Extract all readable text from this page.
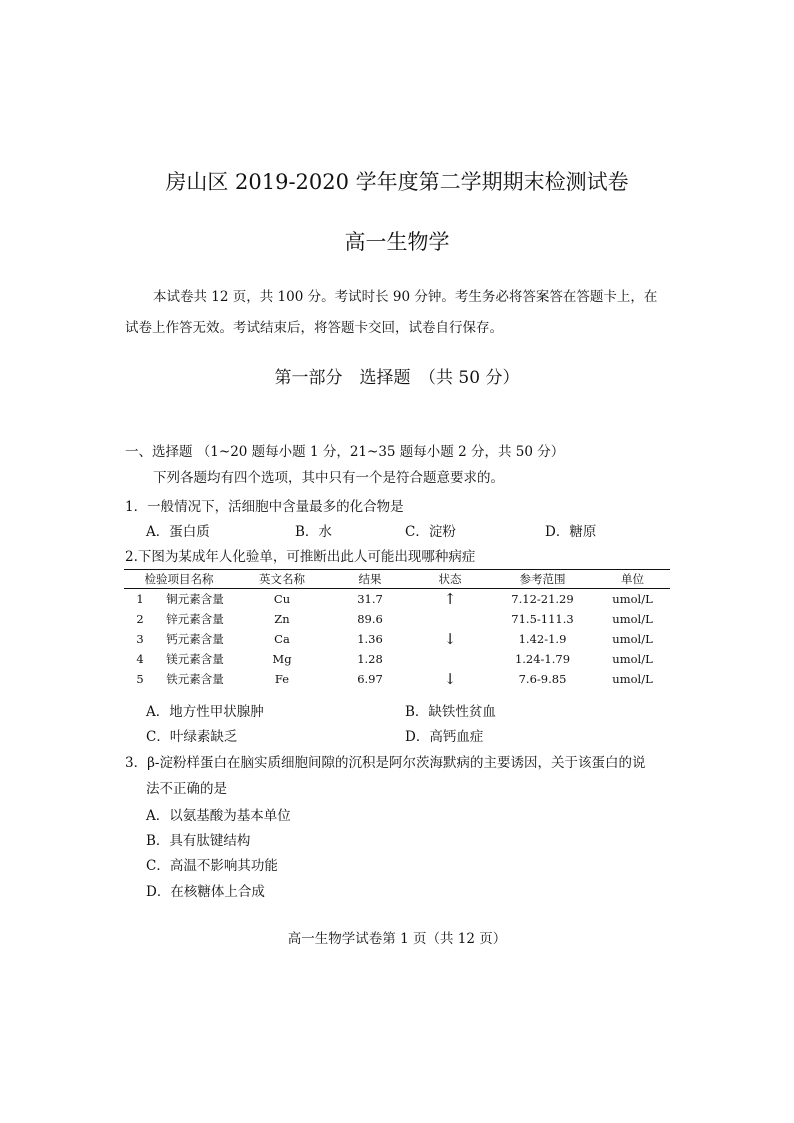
房山区 2019-2020 学年度第二学期期末检测试卷
高一生物学
本试卷共 12 页，共 100 分。考试时长 90 分钟。考生务必将答案答在答题卡上，在
试卷上作答无效。考试结束后，将答题卡交回，试卷自行保存。
第一部分　选择题　（共 50 分）
一、选择题 （1~20 题每小题 1 分，21~35 题每小题 2 分，共 50 分）
下列各题均有四个选项，其中只有一个是符合题意要求的。
1．一般情况下，活细胞中含量最多的化合物是
A．蛋白质	B．水	C．淀粉	D．糖原
2.下图为某成年人化验单，可推断出此人可能出现哪种病症
检验项目名称		英文名称	结果	状态	参考范围	单位
1	铜元素含量	Cu	31.7	↑	7.12-21.29	umol/L
2	锌元素含量	Zn	89.6		71.5-111.3	umol/L
3	钙元素含量	Ca	1.36	↓	1.42-1.9	umol/L
4	镁元素含量	Mg	1.28		1.24-1.79	umol/L
5	铁元素含量	Fe	6.97	↓	7.6-9.85	umol/L
A．地方性甲状腺肿	B．缺铁性贫血
C．叶绿素缺乏	D．高钙血症
3．β-淀粉样蛋白在脑实质细胞间隙的沉积是阿尔茨海默病的主要诱因，关于该蛋白的说
法不正确的是
A．以氨基酸为基本单位
B．具有肽键结构
C．高温不影响其功能
D．在核糖体上合成
高一生物学试卷第 1 页（共 12 页）
